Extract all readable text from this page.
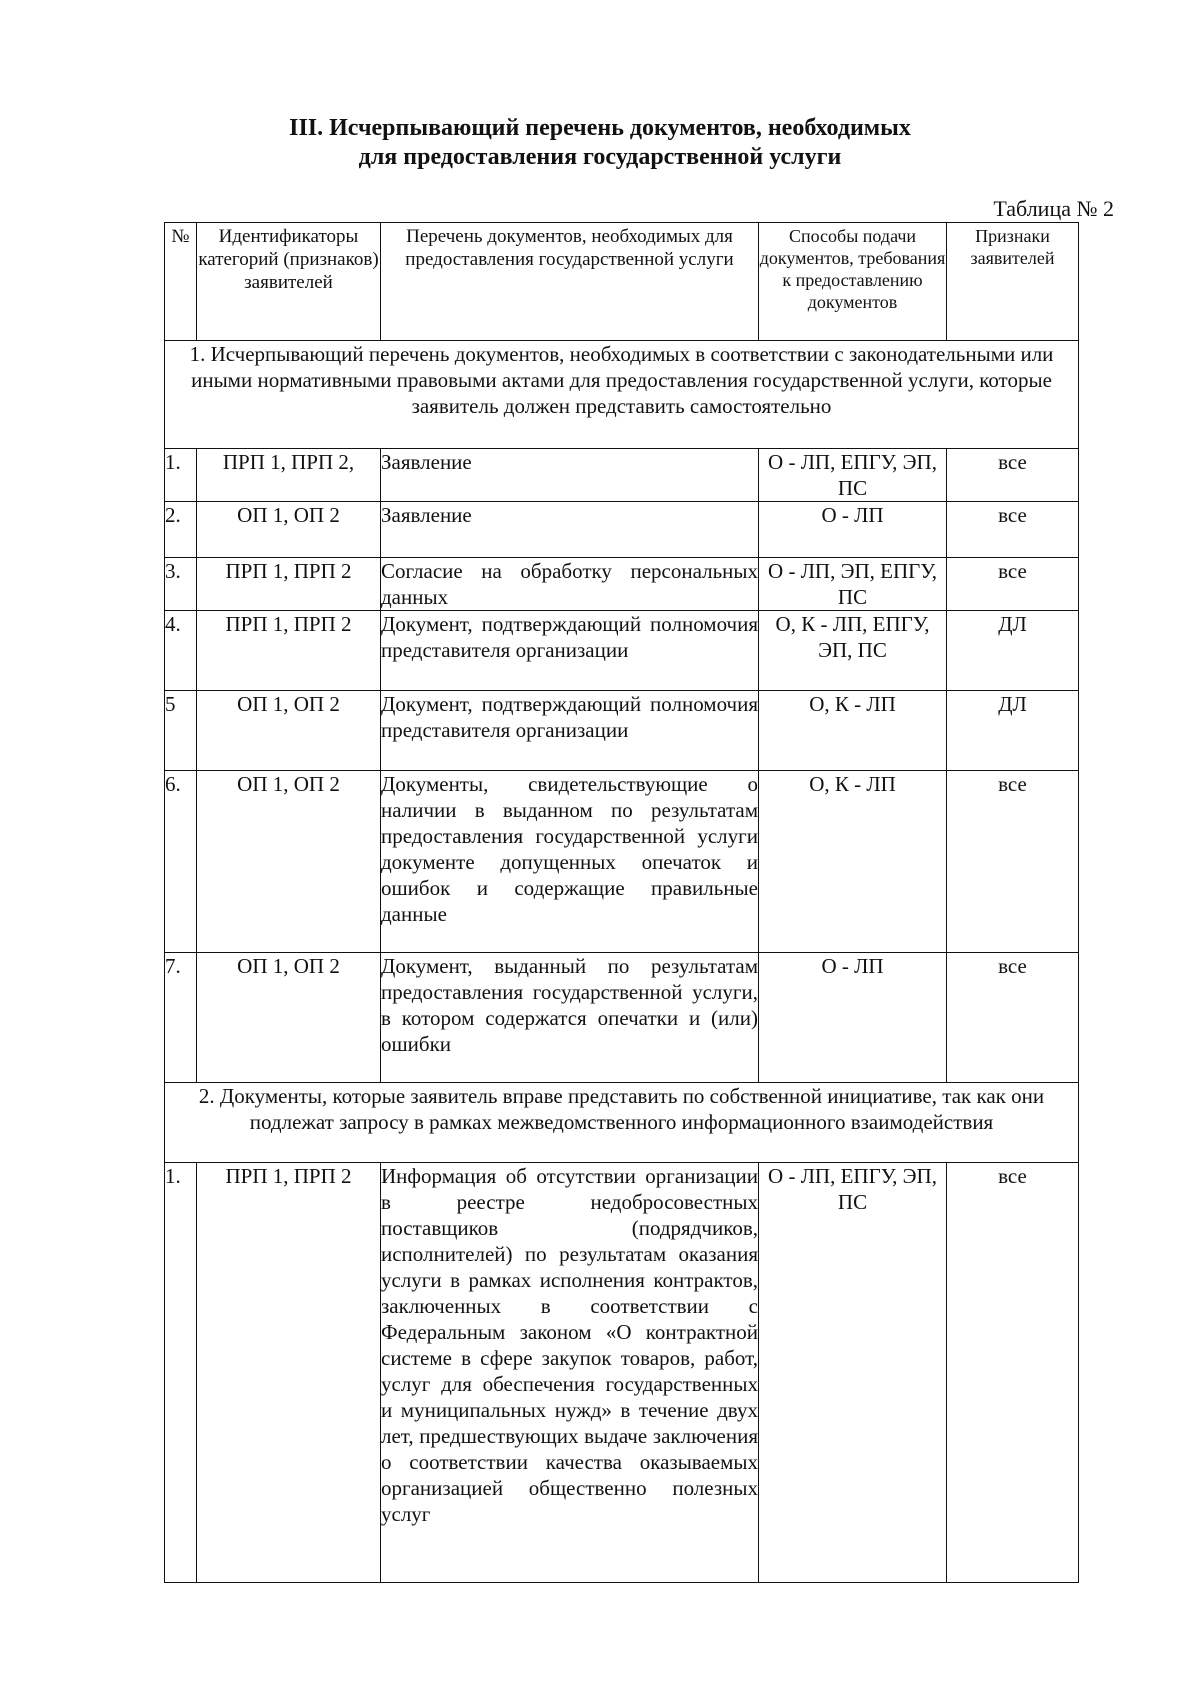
III. Исчерпывающий перечень документов, необходимых
для предоставления государственной услуги
Таблица № 2
№	Идентификаторы категорий (признаков) заявителей	Перечень документов, необходимых для предоставления государственной услуги	Способы подачи документов, требования к предоставлению документов	Признаки заявителей
1. Исчерпывающий перечень документов, необходимых в соответствии с законодательными или иными нормативными правовыми актами для предоставления государственной услуги, которые заявитель должен представить самостоятельно				
1.	ПРП 1, ПРП 2,	Заявление	О - ЛП, ЕПГУ, ЭП, ПС	все
2.	ОП 1, ОП 2	Заявление	О - ЛП	все
3.	ПРП 1, ПРП 2	Согласие на обработку персональных данных	О - ЛП, ЭП, ЕПГУ, ПС	все
4.	ПРП 1, ПРП 2	Документ, подтверждающий полномочия представителя организации	О, К - ЛП, ЕПГУ, ЭП, ПС	ДЛ
5	ОП 1, ОП 2	Документ, подтверждающий полномочия представителя организации	О, К - ЛП	ДЛ
6.	ОП 1, ОП 2	Документы, свидетельствующие о наличии в выданном по результатам предоставления государственной услуги документе допущенных опечаток и ошибок и содержащие правильные данные	О, К - ЛП	все
7.	ОП 1, ОП 2	Документ, выданный по результатам предоставления государственной услуги, в котором содержатся опечатки и (или) ошибки	О - ЛП	все
2. Документы, которые заявитель вправе представить по собственной инициативе, так как они подлежат запросу в рамках межведомственного информационного взаимодействия				
1.	ПРП 1, ПРП 2	Информация об отсутствии организации в реестре недобросовестных поставщиков (подрядчиков, исполнителей) по результатам оказания услуги в рамках исполнения контрактов, заключенных в соответствии с Федеральным законом «О контрактной системе в сфере закупок товаров, работ, услуг для обеспечения государственных и муниципальных нужд» в течение двух лет, предшествующих выдаче заключения о соответствии качества оказываемых организацией общественно полезных услуг	О - ЛП, ЕПГУ, ЭП, ПС	все
